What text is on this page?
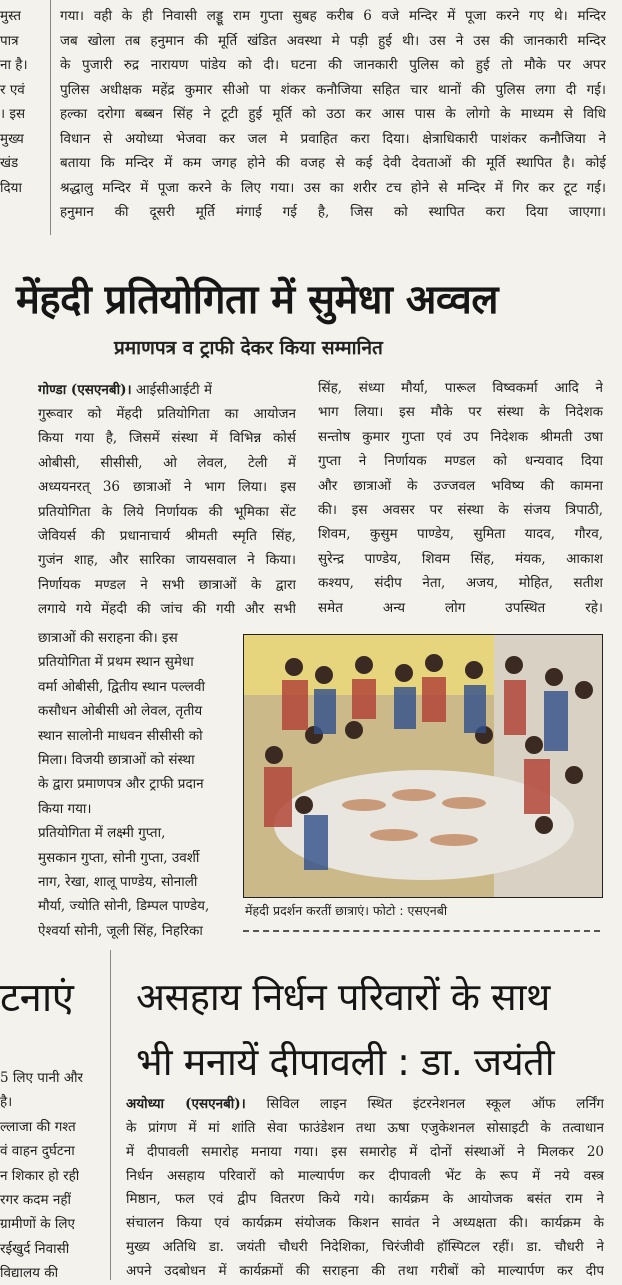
मुस्त
पात्र
ना है।
र एवं
। इस
मुख्य
खंड
दिया
गया। वही के ही निवासी लड्डू राम गुप्ता सुबह करीब 6 वजे मन्दिर में पूजा करने गए थे। मन्दिर
जब खोला तब हनुमान की मूर्ति खंडित अवस्था मे पड़ी हुई थी। उस ने उस की जानकारी मन्दिर
के पुजारी रुद्र नारायण पांडेय को दी। घटना की जानकारी पुलिस को हुई तो मौके पर अपर
पुलिस अधीक्षक महेंद्र कुमार सीओ पा शंकर कनौजिया सहित चार थानों की पुलिस लगा दी गई।
हल्का दरोगा बब्बन सिंह ने टूटी हुई मूर्ति को उठा कर आस पास के लोगो के माध्यम से विधि
विधान से अयोध्या भेजवा कर जल मे प्रवाहित करा दिया। क्षेत्राधिकारी पाशंकर कनौजिया ने
बताया कि मन्दिर में कम जगह होने की वजह से कई देवी देवताओं की मूर्ति स्थापित है। कोई
श्रद्धालु मन्दिर में पूजा करने के लिए गया। उस का शरीर टच होने से मन्दिर में गिर कर टूट गई।
हनुमान की दूसरी मूर्ति मंगाई गई है, जिस को स्थापित करा दिया जाएगा।
मेंहदी प्रतियोगिता में सुमेधा अव्वल
प्रमाणपत्र व ट्राफी देकर किया सम्मानित
गोण्डा (एसएनबी)। आईसीआईटी में
गुरूवार को मेंहदी प्रतियोगिता का आयोजन
किया गया है, जिसमें संस्था में विभिन्न कोर्स
ओबीसी, सीसीसी, ओ लेवल, टेली में
अध्ययनरत् 36 छात्राओं ने भाग लिया। इस
प्रतियोगिता के लिये निर्णायक की भूमिका सेंट
जेवियर्स की प्रधानाचार्य श्रीमती स्मृति सिंह,
गुजंन शाह, और सारिका जायसवाल ने किया।
निर्णायक मण्डल ने सभी छात्राओं के द्वारा
लगाये गये मेंहदी की जांच की गयी और सभी
छात्राओं की सराहना की। इस
प्रतियोगिता में प्रथम स्थान सुमेधा
वर्मा ओबीसी, द्वितीय स्थान पल्लवी
कसौधन ओबीसी ओ लेवल, तृतीय
स्थान सालोनी माधवन सीसीसी को
मिला। विजयी छात्राओं को संस्था
के द्वारा प्रमाणपत्र और ट्राफी प्रदान
किया गया।
प्रतियोगिता में लक्ष्मी गुप्ता,
मुसकान गुप्ता, सोनी गुप्ता, उवर्शी
नाग, रेखा, शालू पाण्डेय, सोनाली
मौर्या, ज्योति सोनी, डिम्पल पाण्डेय,
ऐश्वर्या सोनी, जूली सिंह, निहरिका
सिंह, संध्या मौर्या, पारूल विष्वकर्मा आदि ने
भाग लिया। इस मौके पर संस्था के निदेशक
सन्तोष कुमार गुप्ता एवं उप निदेशक श्रीमती उषा
गुप्ता ने निर्णायक मण्डल को धन्यवाद दिया
और छात्राओं के उज्जवल भविष्य की कामना
की। इस अवसर पर संस्था के संजय त्रिपाठी,
शिवम, कुसुम पाण्डेय, सुमिता यादव, गौरव,
सुरेन्द्र पाण्डेय, शिवम सिंह, मंयक, आकाश
कश्यप, संदीप नेता, अजय, मोहित, सतीश
समेत अन्य लोग उपस्थित रहे।
मेंहदी प्रदर्शन करतीं छात्राएं। फोटो : एसएनबी
टनाएं
5 लिए पानी और
है।
ल्लाजा की गश्त
वं वाहन दुर्घटना
न शिकार हो रही
रगर कदम नहीं
ग्रामीणों के लिए
रईखुर्द निवासी
विद्यालय की
असहाय निर्धन परिवारों के साथ
भी मनायें दीपावली : डा. जयंती
अयोध्या (एसएनबी)। सिविल लाइन स्थित इंटरनेशनल स्कूल ऑफ लर्निंग
के प्रांगण में मां शांति सेवा फाउंडेशन तथा ऊषा एजुकेशनल सोसाइटी के तत्वाधान
में दीपावली समारोह मनाया गया। इस समारोह में दोनों संस्थाओं ने मिलकर 20
निर्धन असहाय परिवारों को माल्यार्पण कर दीपावली भेंट के रूप में नये वस्त्र
मिष्ठान, फल एवं द्वीप वितरण किये गये। कार्यक्रम के आयोजक बसंत राम ने
संचालन किया एवं कार्यक्रम संयोजक किशन सावंत ने अध्यक्षता की। कार्यक्रम के
मुख्य अतिथि डा. जयंती चौधरी निदेशिका, चिरंजीवी हॉस्पिटल रहीं। डा. चौधरी ने
अपने उदबोधन में कार्यक्रमों की सराहना की तथा गरीबों को माल्यार्पण कर दीप
